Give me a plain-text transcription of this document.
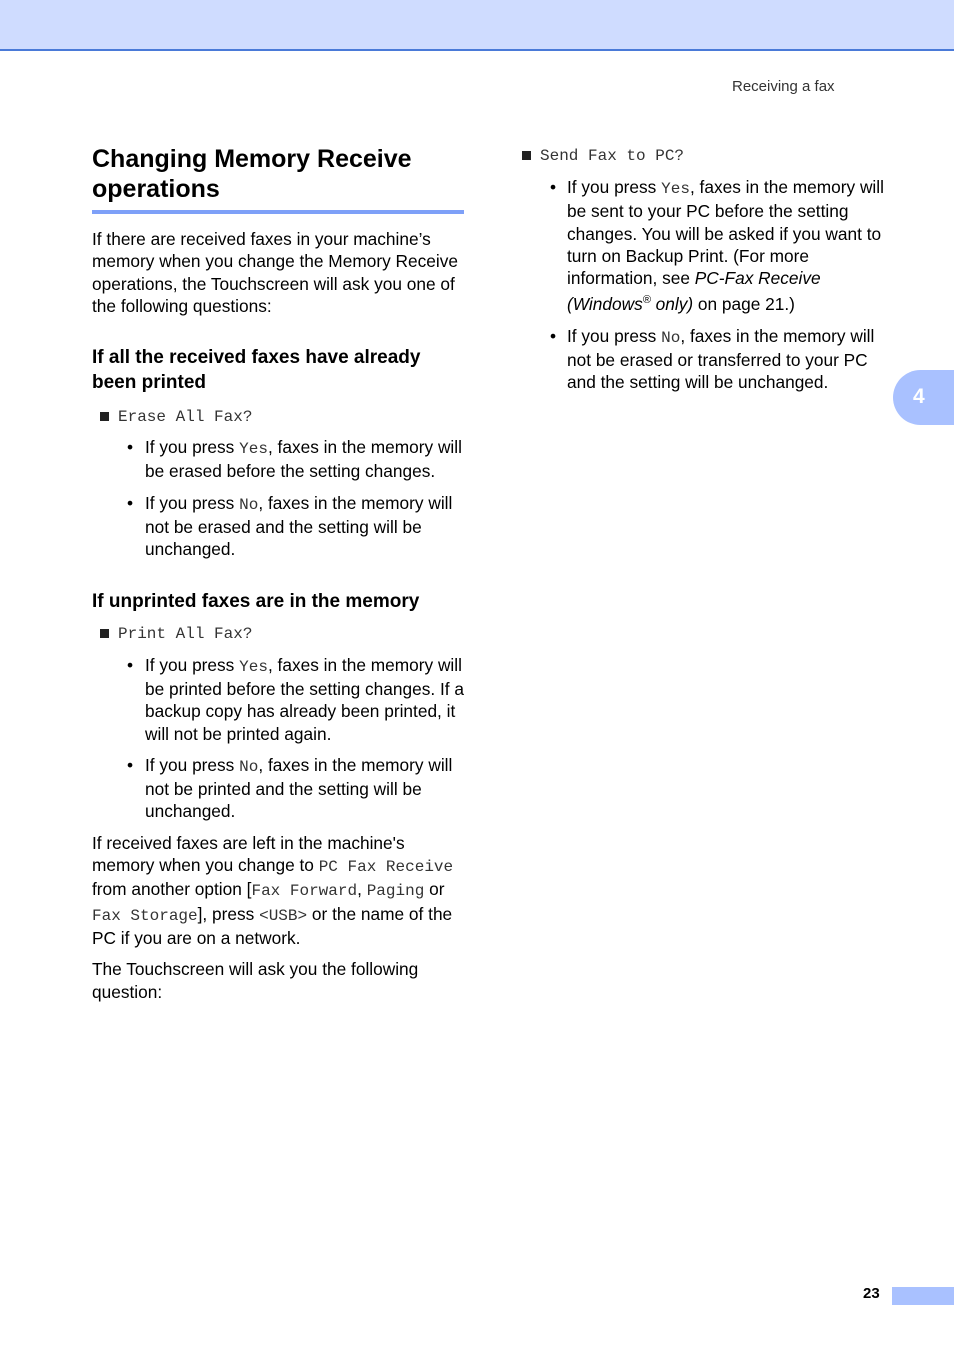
Receiving a fax
Changing Memory Receive operations

If there are received faxes in your machine’s memory when you change the Memory Receive operations, the Touchscreen will ask you one of the following questions:

If all the received faxes have already been printed
Erase All Fax?
• If you press Yes, faxes in the memory will be erased before the setting changes.
• If you press No, faxes in the memory will not be erased and the setting will be unchanged.
If unprinted faxes are in the memory
Print All Fax?
• If you press Yes, faxes in the memory will be printed before the setting changes. If a backup copy has already been printed, it will not be printed again.
• If you press No, faxes in the memory will not be printed and the setting will be unchanged.

If received faxes are left in the machine's memory when you change to PC Fax Receive from another option [Fax Forward, Paging or Fax Storage], press <USB> or the name of the PC if you are on a network.

The Touchscreen will ask you the following question:

Send Fax to PC?
• If you press Yes, faxes in the memory will be sent to your PC before the setting changes. You will be asked if you want to turn on Backup Print. (For more information, see PC-Fax Receive (Windows® only) on page 21.)
• If you press No, faxes in the memory will not be erased or transferred to your PC and the setting will be unchanged.
4
23
